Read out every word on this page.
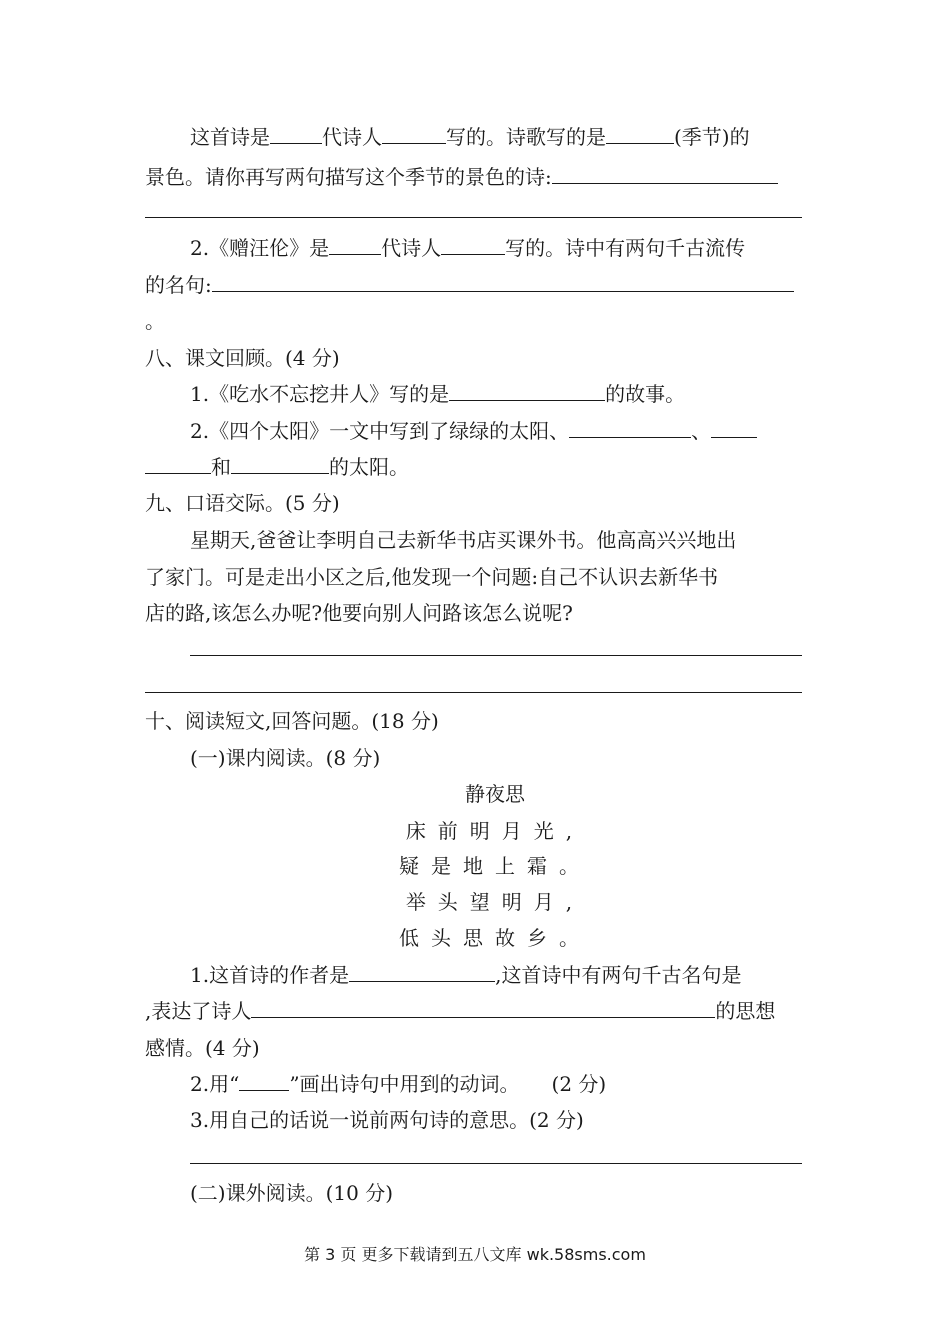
这首诗是	代诗人	写的。诗歌写的是	(季节)的
景色。请你再写两句描写这个季节的景色的诗:
2.《赠汪伦》是	代诗人	写的。诗中有两句千古流传
的名句:
。
八、课文回顾。(4 分)
1.《吃水不忘挖井人》写的是	的故事。
2.《四个太阳》一文中写到了绿绿的太阳、	、
和	的太阳。
九、口语交际。(5 分)
星期天,爸爸让李明自己去新华书店买课外书。他高高兴兴地出
了家门。可是走出小区之后,他发现一个问题:自己不认识去新华书
店的路,该怎么办呢?他要向别人问路该怎么说呢?
十、阅读短文,回答问题。(18 分)
(一)课内阅读。(8 分)
静夜思
床前明月光,
疑是地上霜。
举头望明月,
低头思故乡。
1.这首诗的作者是	,这首诗中有两句千古名句是
,表达了诗人	的思想
感情。(4 分)
2.用“	”画出诗句中用到的动词。 (2 分)
3.用自己的话说一说前两句诗的意思。(2 分)
(二)课外阅读。(10 分)
第 3 页 更多下载请到五八文库 wk.58sms.com
